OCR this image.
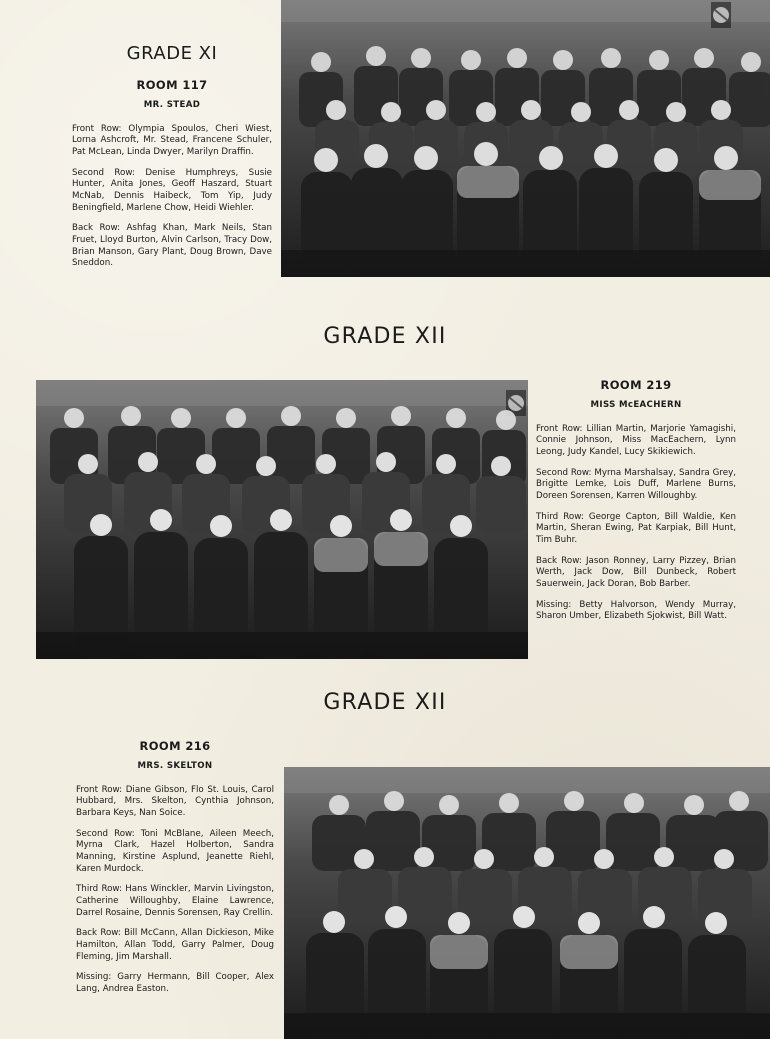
GRADE XI
ROOM 117
MR. STEAD

Front Row: Olympia Spoulos, Cheri Wiest, Lorna Ashcroft, Mr. Stead, Francene Schuler, Pat McLean, Linda Dwyer, Marilyn Draffin.

Second Row: Denise Humphreys, Susie Hunter, Anita Jones, Geoff Haszard, Stuart McNab, Dennis Haibeck, Tom Yip, Judy Beningfield, Marlene Chow, Heidi Wiehler.

Back Row: Ashfag Khan, Mark Neils, Stan Fruet, Lloyd Burton, Alvin Carlson, Tracy Dow, Brian Manson, Gary Plant, Doug Brown, Dave Sneddon.

GRADE XII
ROOM 219
MISS McEACHERN

Front Row: Lillian Martin, Marjorie Yamagishi, Connie Johnson, Miss MacEachern, Lynn Leong, Judy Kandel, Lucy Skikiewich.

Second Row: Myrna Marshalsay, Sandra Grey, Brigitte Lemke, Lois Duff, Marlene Burns, Doreen Sorensen, Karren Willoughby.

Third Row: George Capton, Bill Waldie, Ken Martin, Sheran Ewing, Pat Karpiak, Bill Hunt, Tim Buhr.

Back Row: Jason Ronney, Larry Pizzey, Brian Werth, Jack Dow, Bill Dunbeck, Robert Sauerwein, Jack Doran, Bob Barber.

Missing: Betty Halvorson, Wendy Murray, Sharon Umber, Elizabeth Sjokwist, Bill Watt.

GRADE XII
ROOM 216
MRS. SKELTON

Front Row: Diane Gibson, Flo St. Louis, Carol Hubbard, Mrs. Skelton, Cynthia Johnson, Barbara Keys, Nan Soice.

Second Row: Toni McBlane, Aileen Meech, Myrna Clark, Hazel Holberton, Sandra Manning, Kirstine Asplund, Jeanette Riehl, Karen Murdock.

Third Row: Hans Winckler, Marvin Livingston, Catherine Willoughby, Elaine Lawrence, Darrel Rosaine, Dennis Sorensen, Ray Crellin.

Back Row: Bill McCann, Allan Dickieson, Mike Hamilton, Allan Todd, Garry Palmer, Doug Fleming, Jim Marshall.

Missing: Garry Hermann, Bill Cooper, Alex Lang, Andrea Easton.
